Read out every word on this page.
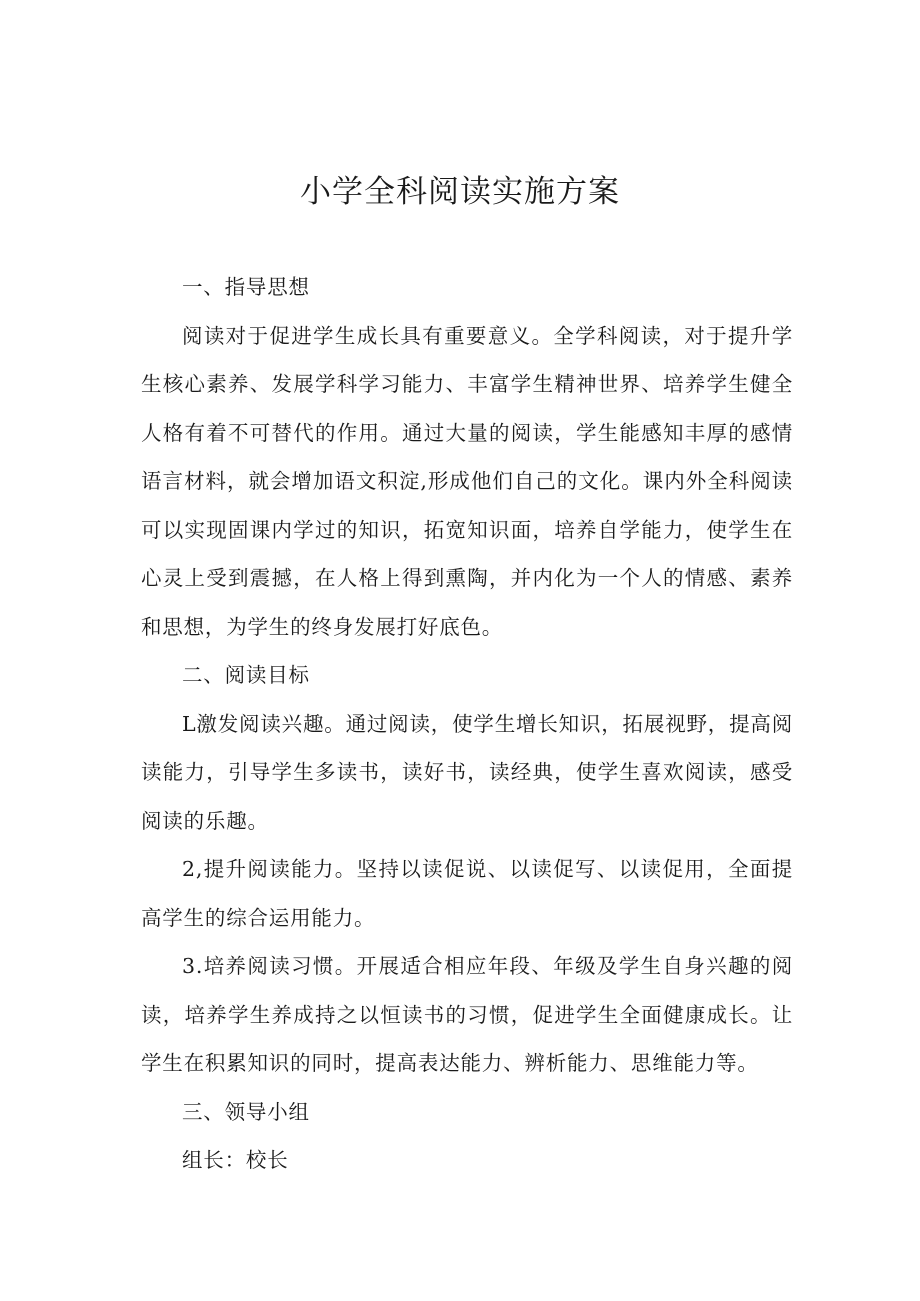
小学全科阅读实施方案

一、指导思想

阅读对于促进学生成长具有重要意义。全学科阅读，对于提升学生核心素养、发展学科学习能力、丰富学生精神世界、培养学生健全人格有着不可替代的作用。通过大量的阅读，学生能感知丰厚的感情语言材料，就会增加语文积淀,形成他们自己的文化。课内外全科阅读可以实现固课内学过的知识，拓宽知识面，培养自学能力，使学生在心灵上受到震撼，在人格上得到熏陶，并内化为一个人的情感、素养和思想，为学生的终身发展打好底色。

二、阅读目标

L激发阅读兴趣。通过阅读，使学生增长知识，拓展视野，提高阅读能力，引导学生多读书，读好书，读经典，使学生喜欢阅读，感受阅读的乐趣。

2,提升阅读能力。坚持以读促说、以读促写、以读促用，全面提高学生的综合运用能力。

3.培养阅读习惯。开展适合相应年段、年级及学生自身兴趣的阅读，培养学生养成持之以恒读书的习惯，促进学生全面健康成长。让学生在积累知识的同时，提高表达能力、辨析能力、思维能力等。

三、领导小组

组长：校长
